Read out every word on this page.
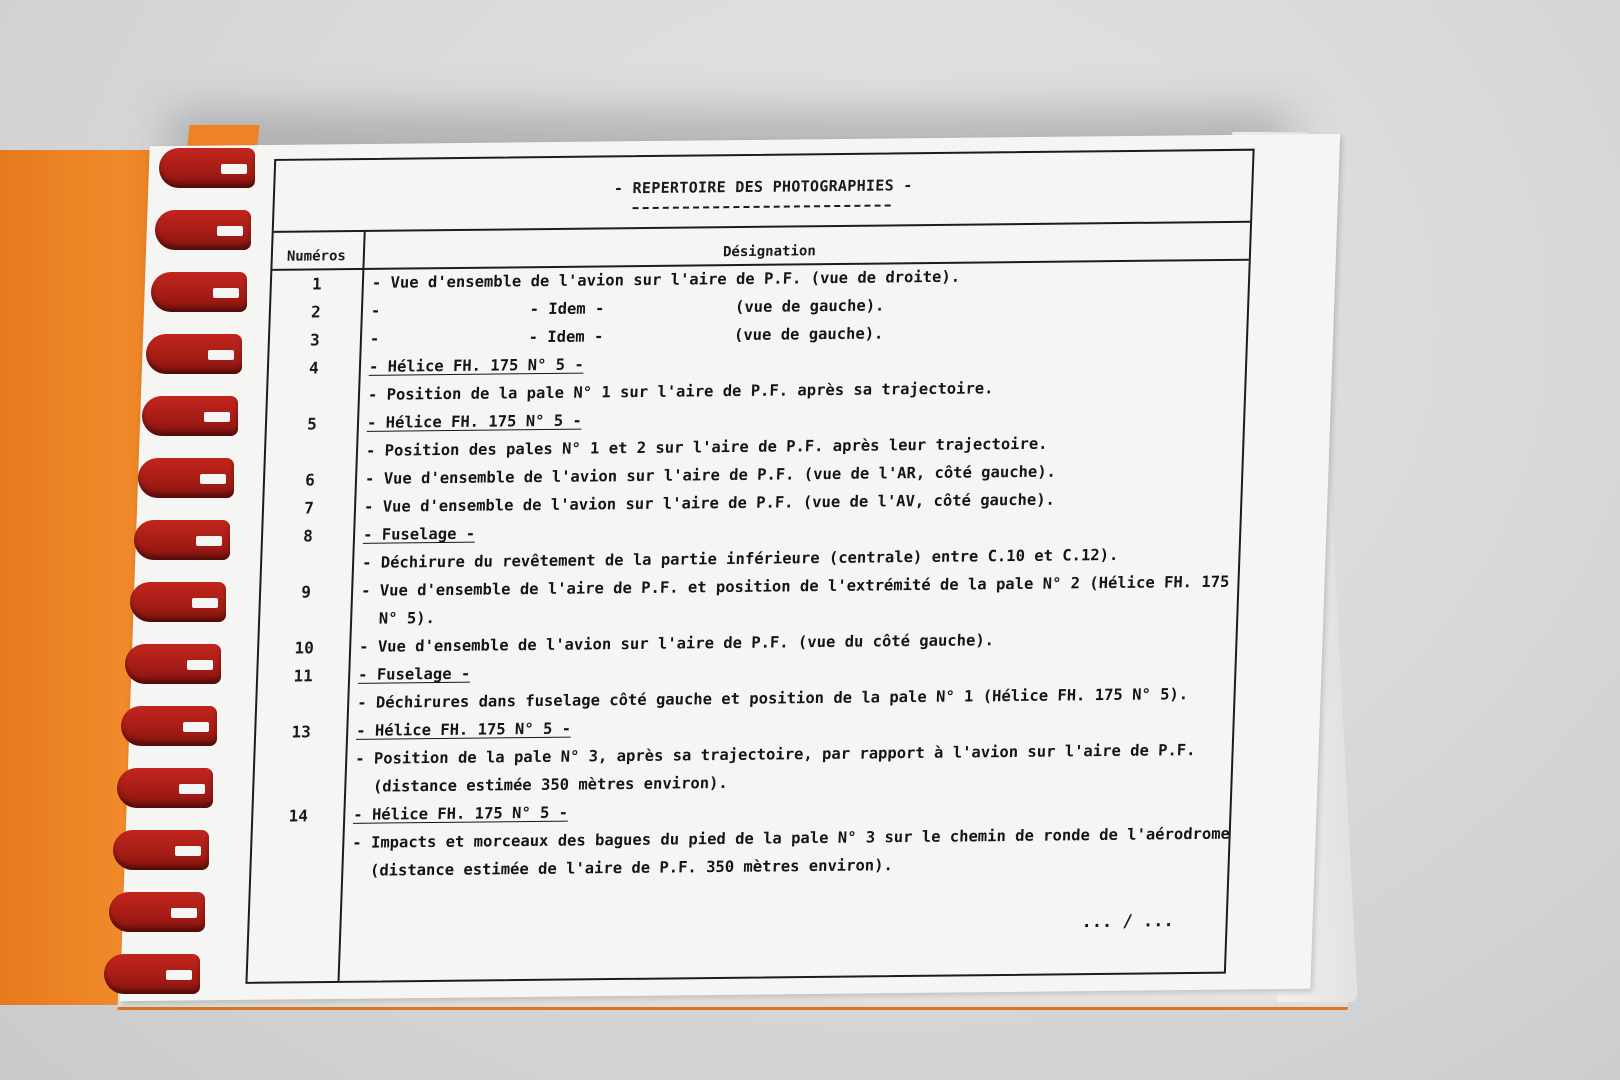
- REPERTOIRE DES PHOTOGRAPHIES -
Numéros	Désignation
1	- Vue d'ensemble de l'avion sur l'aire de P.F. (vue de droite).
2	-                - Idem -              (vue de gauche).
3	-                - Idem -              (vue de gauche).
4	- Hélice FH. 175 N° 5 -
- Position de la pale N° 1 sur l'aire de P.F. après sa trajectoire.
5	- Hélice FH. 175 N° 5 -
- Position des pales N° 1 et 2 sur l'aire de P.F. après leur trajectoire.
6	- Vue d'ensemble de l'avion sur l'aire de P.F. (vue de l'AR, côté gauche).
7	- Vue d'ensemble de l'avion sur l'aire de P.F. (vue de l'AV, côté gauche).
8	- Fuselage -
- Déchirure du revêtement de la partie inférieure (centrale) entre C.10 et C.12).
9	- Vue d'ensemble de l'aire de P.F. et position de l'extrémité de la pale N° 2 (Hélice FH. 175
N° 5).
10	- Vue d'ensemble de l'avion sur l'aire de P.F. (vue du côté gauche).
11	- Fuselage -
- Déchirures dans fuselage côté gauche et position de la pale N° 1 (Hélice FH. 175 N° 5).
13	- Hélice FH. 175 N° 5 -
- Position de la pale N° 3, après sa trajectoire, par rapport à l'avion sur l'aire de P.F.
(distance estimée 350 mètres environ).
14	- Hélice FH. 175 N° 5 -
- Impacts et morceaux des bagues du pied de la pale N° 3 sur le chemin de ronde de l'aérodrome
(distance estimée de l'aire de P.F. 350 mètres environ).
... / ...
